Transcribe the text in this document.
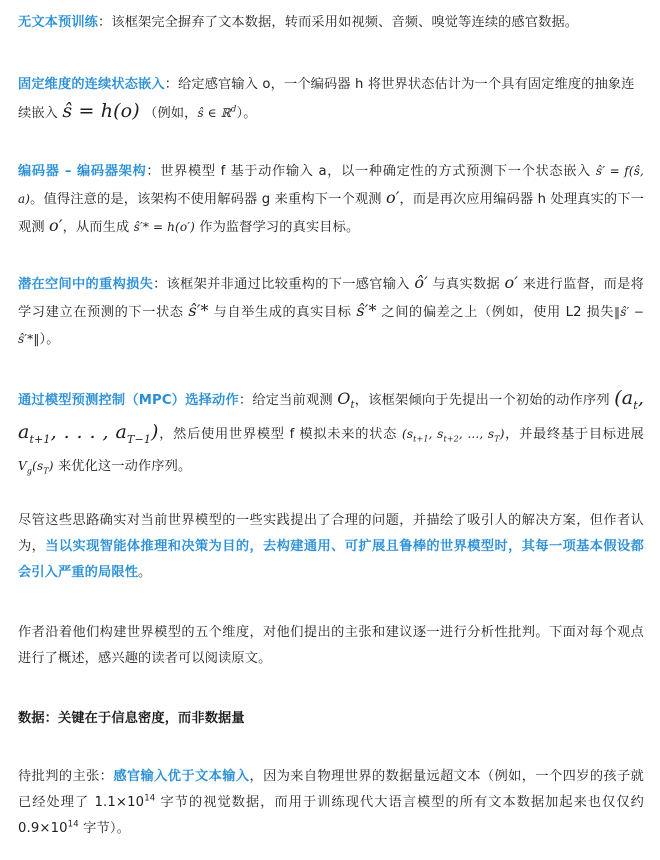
无文本预训练：该框架完全摒弃了文本数据，转而采用如视频、音频、嗅觉等连续的感官数据。

固定维度的连续状态嵌入：给定感官输入 o，一个编码器 h 将世界状态估计为一个具有固定维度的抽象连续嵌入 ŝ = h(o) （例如，ŝ ∈ ℝ$^d$）。

编码器 – 编码器架构：世界模型 f 基于动作输入 a，以一种确定性的方式预测下一个状态嵌入 ŝ′ = f(ŝ, a)。值得注意的是，该架构不使用解码器 g 来重构下一个观测 o′，而是再次应用编码器 h 处理真实的下一观测 o′，从而生成 ŝ′* = h(o′) 作为监督学习的真实目标。

潜在空间中的重构损失：该框架并非通过比较重构的下一感官输入 ô′ 与真实数据 o′ 来进行监督，而是将学习建立在预测的下一状态 ŝ′* 与自举生成的真实目标 ŝ′* 之间的偏差之上（例如，使用 L2 损失‖ŝ′ − ŝ′*‖）。

通过模型预测控制（MPC）选择动作：给定当前观测 $O_t$，该框架倾向于先提出一个初始的动作序列 ($a_t$, $a_{t+1}$, . . . , $a_{T-1}$)，然后使用世界模型 f 模拟未来的状态 ($s_{t+1}$, $s_{t+2}$, ..., $s_T$)，并最终基于目标进展 $V_g(s_T)$ 来优化这一动作序列。

尽管这些思路确实对当前世界模型的一些实践提出了合理的问题，并描绘了吸引人的解决方案，但作者认为，当以实现智能体推理和决策为目的，去构建通用、可扩展且鲁棒的世界模型时，其每一项基本假设都会引入严重的局限性。

作者沿着他们构建世界模型的五个维度，对他们提出的主张和建议逐一进行分析性批判。下面对每个观点进行了概述，感兴趣的读者可以阅读原文。

数据：关键在于信息密度，而非数据量

待批判的主张：感官输入优于文本输入，因为来自物理世界的数据量远超文本（例如，一个四岁的孩子就已经处理了 $1.1\times 10^{14}$ 字节的视觉数据，而用于训练现代大语言模型的所有文本数据加起来也仅仅约 $0.9\times 10^{14}$ 字节）。
